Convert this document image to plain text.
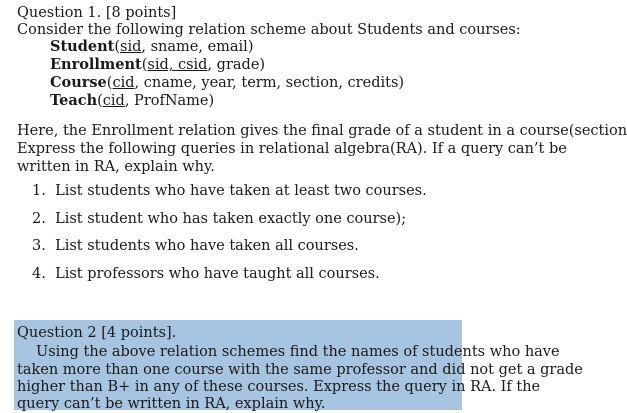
Question 1. [8 points]
Consider the following relation scheme about Students and courses:
Student(sid, sname, email)
Enrollment(sid, csid, grade)
Course(cid, cname, year, term, section, credits)
Teach(cid, ProfName)
Here, the Enrollment relation gives the final grade of a student in a course(section
Express the following queries in relational algebra(RA). If a query can’t be
written in RA, explain why.
1. List students who have taken at least two courses.
2. List student who has taken exactly one course);
3. List students who have taken all courses.
4. List professors who have taught all courses.
Question 2 [4 points].
Using the above relation schemes find the names of students who have
taken more than one course with the same professor and did not get a grade
higher than B+ in any of these courses. Express the query in RA. If the
query can’t be written in RA, explain why.
